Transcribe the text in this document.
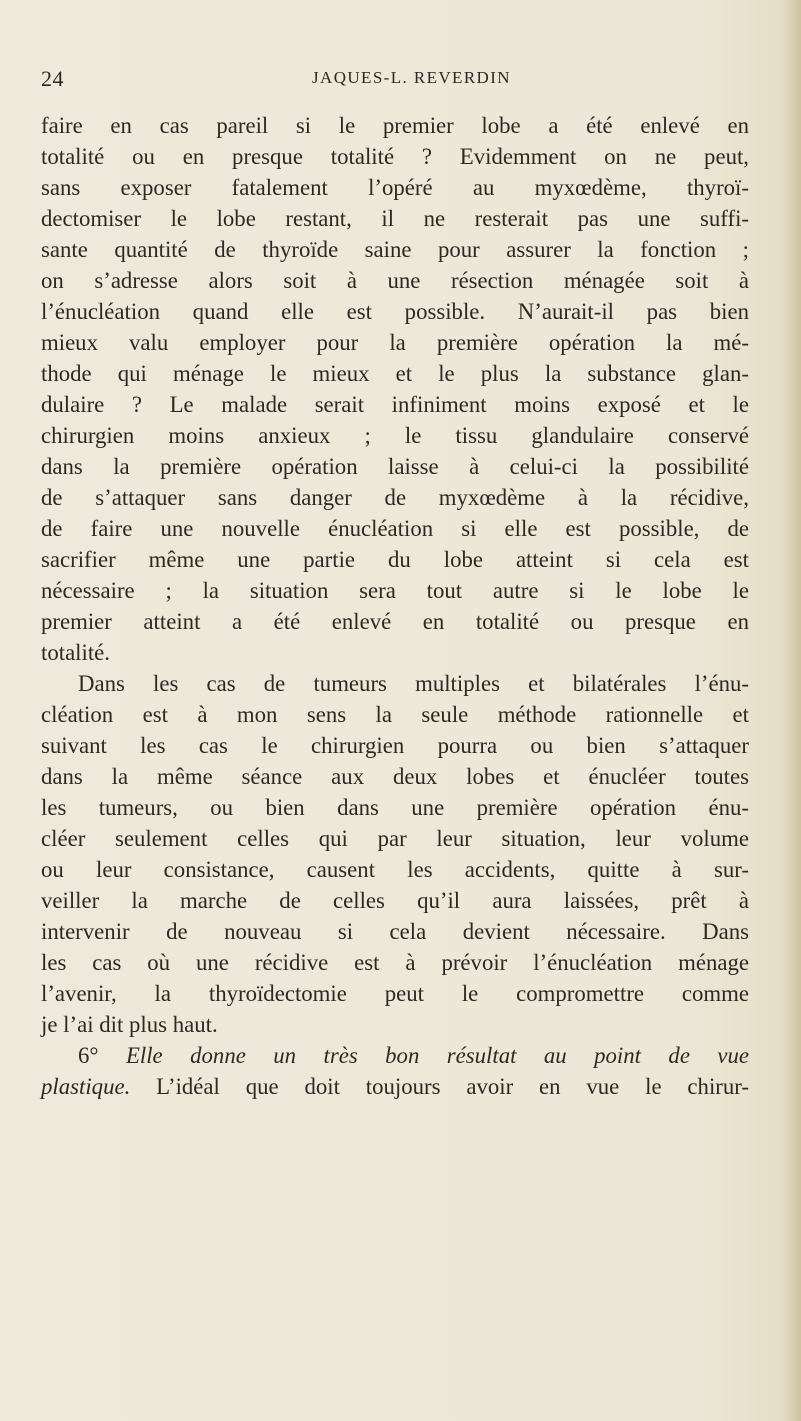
24	JAQUES-L. REVERDIN
faire en cas pareil si le premier lobe a été enlevé en
totalité ou en presque totalité ? Evidemment on ne peut,
sans exposer fatalement l’opéré au myxœdème, thyroï-
dectomiser le lobe restant, il ne resterait pas une suffi-
sante quantité de thyroïde saine pour assurer la fonction ;
on s’adresse alors soit à une résection ménagée soit à
l’énucléation quand elle est possible. N’aurait-il pas bien
mieux valu employer pour la première opération la mé-
thode qui ménage le mieux et le plus la substance glan-
dulaire ? Le malade serait infiniment moins exposé et le
chirurgien moins anxieux ; le tissu glandulaire conservé
dans la première opération laisse à celui-ci la possibilité
de s’attaquer sans danger de myxœdème à la récidive,
de faire une nouvelle énucléation si elle est possible, de
sacrifier même une partie du lobe atteint si cela est
nécessaire ; la situation sera tout autre si le lobe le
premier atteint a été enlevé en totalité ou presque en
totalité.
Dans les cas de tumeurs multiples et bilatérales l’énu-
cléation est à mon sens la seule méthode rationnelle et
suivant les cas le chirurgien pourra ou bien s’attaquer
dans la même séance aux deux lobes et énucléer toutes
les tumeurs, ou bien dans une première opération énu-
cléer seulement celles qui par leur situation, leur volume
ou leur consistance, causent les accidents, quitte à sur-
veiller la marche de celles qu’il aura laissées, prêt à
intervenir de nouveau si cela devient nécessaire. Dans
les cas où une récidive est à prévoir l’énucléation ménage
l’avenir, la thyroïdectomie peut le compromettre comme
je l’ai dit plus haut.
6° Elle donne un très bon résultat au point de vue
plastique. L’idéal que doit toujours avoir en vue le chirur-
